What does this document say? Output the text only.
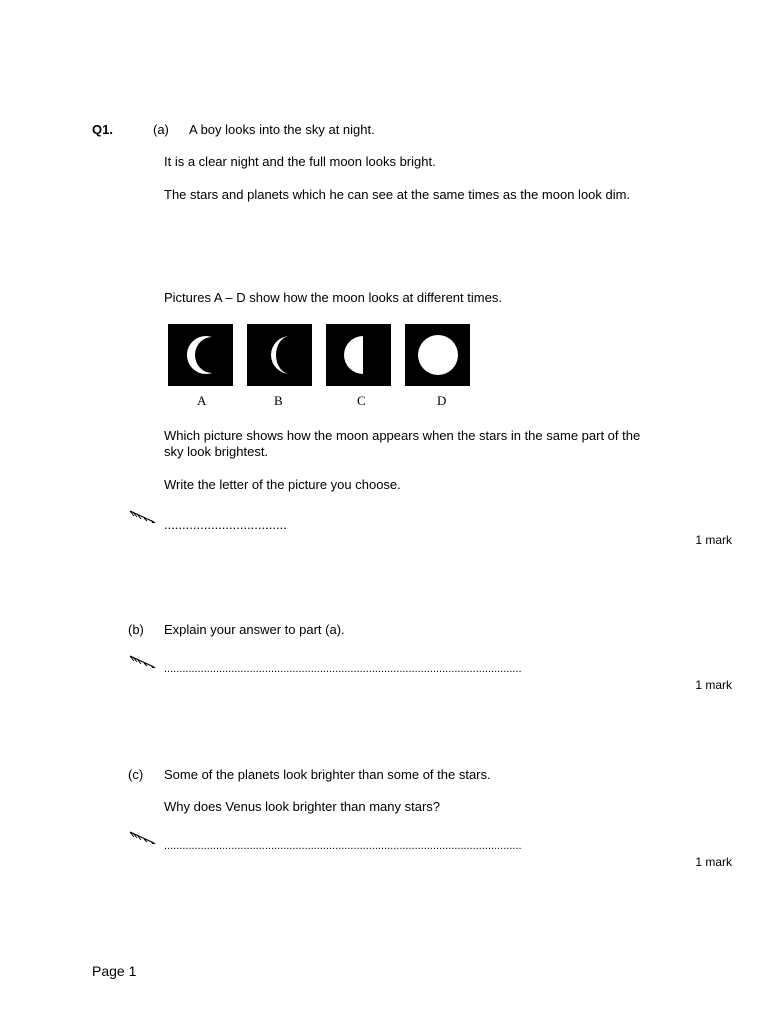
Q1.	(a) A boy looks into the sky at night.
It is a clear night and the full moon looks bright.
The stars and planets which he can see at the same times as the moon look dim.
Pictures A – D show how the moon looks at different times.
A	B	C	D
Which picture shows how the moon appears when the stars in the same part of the
sky look brightest.
Write the letter of the picture you choose.
..................................
1 mark
(b) Explain your answer to part (a).
.....................................................................................................................
1 mark
(c) Some of the planets look brighter than some of the stars.
Why does Venus look brighter than many stars?
.....................................................................................................................
1 mark
Page 1
